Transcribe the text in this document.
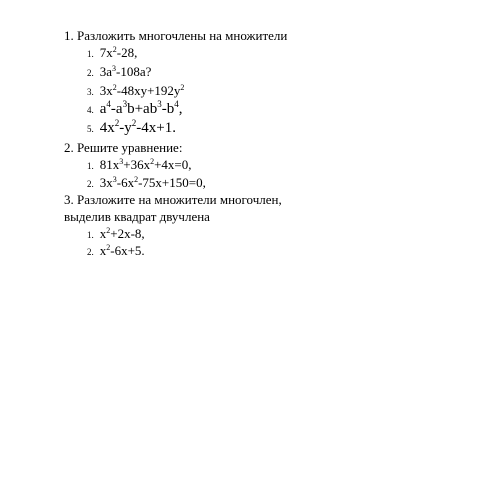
1. Разложить многочлены на множители
1. $7x^2-28$,
2. $3a^3-108a$?
3. $3x^2-48xy+192y^2$
4. $a^4-a^3b+ab^3-b^4$,
5. $4x^2-y^2-4x+1$.
2. Решите уравнение:
1. $81x^3+36x^2+4x=0$,
2. $3x^3-6x^2-75x+150=0$,
3. Разложите на множители многочлен,
выделив квадрат двучлена
1. $x^2+2x-8$,
2. $x^2-6x+5$.
